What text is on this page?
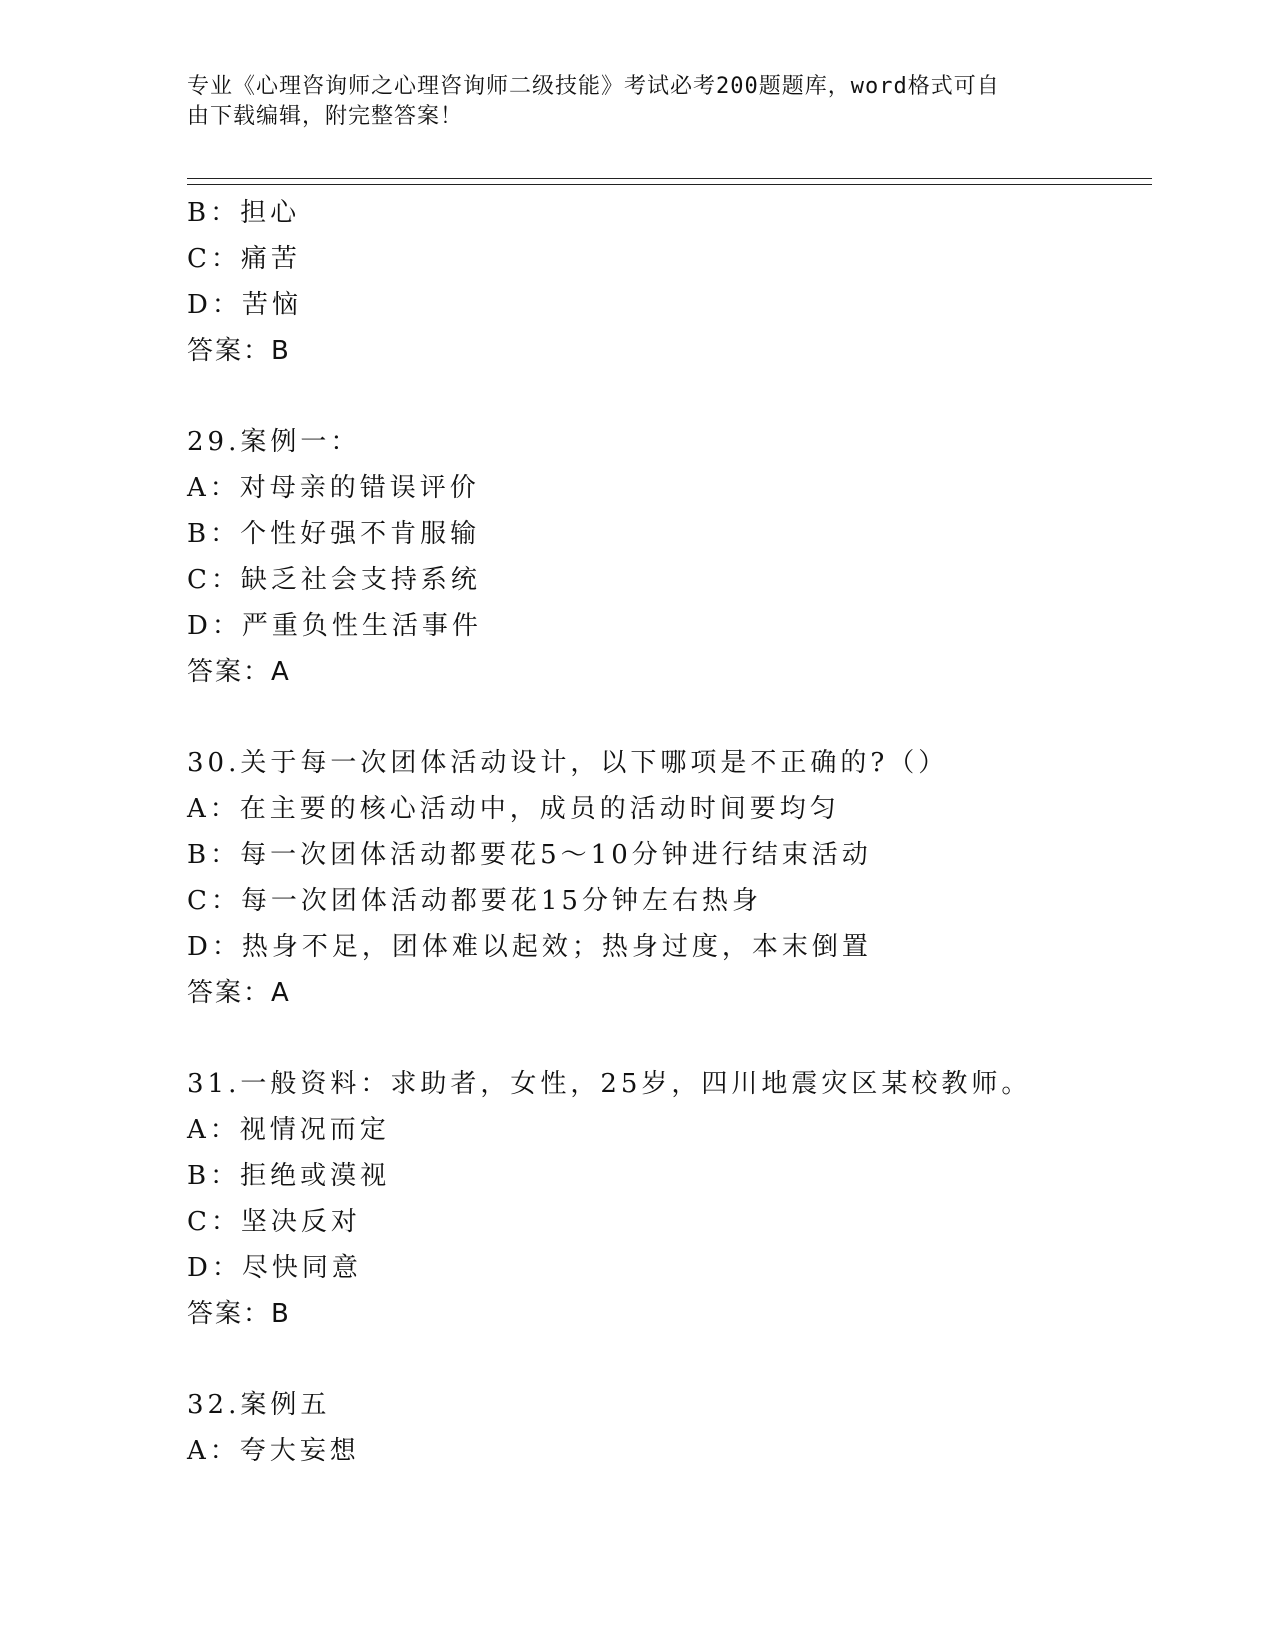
专业《心理咨询师之心理咨询师二级技能》考试必考200题题库，word格式可自
由下载编辑，附完整答案！
B：担心
C：痛苦
D：苦恼
答案：B
29.案例一：
A：对母亲的错误评价
B：个性好强不肯服输
C：缺乏社会支持系统
D：严重负性生活事件
答案：A
30.关于每一次团体活动设计，以下哪项是不正确的?（）
A：在主要的核心活动中，成员的活动时间要均匀
B：每一次团体活动都要花5～10分钟进行结束活动
C：每一次团体活动都要花15分钟左右热身
D：热身不足，团体难以起效；热身过度，本末倒置
答案：A
31.一般资料：求助者，女性，25岁，四川地震灾区某校教师。
A：视情况而定
B：拒绝或漠视
C：坚决反对
D：尽快同意
答案：B
32.案例五
A：夸大妄想
